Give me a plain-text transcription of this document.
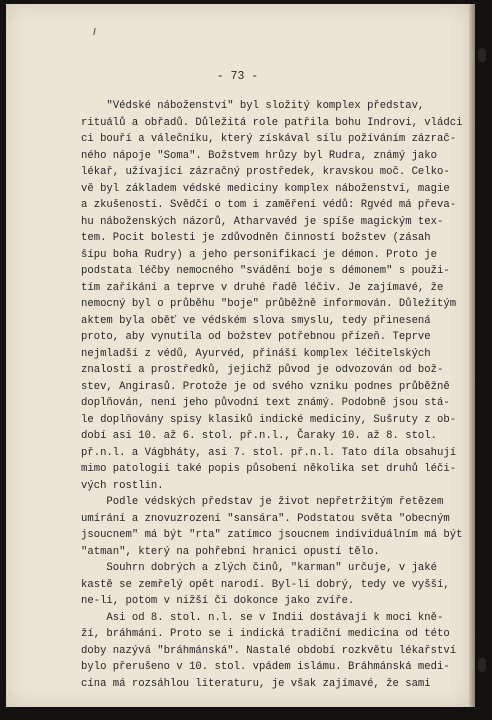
- 73 -
"Védské náboženství" byl složitý komplex představ,
rituálů a obřadů. Důležitá role patřila bohu Indrovi, vládci
ci bouří a válečníku, který získával sílu požíváním zázrač-
ného nápoje "Soma". Božstvem hrůzy byl Rudra, známý jako
lékař, užívající zázračný prostředek, kravskou moč. Celko-
vě byl základem védské mediciny komplex náboženství, magie
a zkušeností. Svědčí o tom i zaměření védů: Rgvéd má převa-
hu náboženských názorů, Atharvavéd je spíše magickým tex-
tem. Pocit bolesti je zdůvodněn činností božstev (zásah
šípu boha Rudry) a jeho personifikací je démon. Proto je
podstata léčby nemocného "svádění boje s démonem" s použi-
tím zaříkání a teprve v druhé řadě léčiv. Je zajímavé, že
nemocný byl o průběhu "boje" průběžně informován. Důležitým
aktem byla oběť ve védském slova smyslu, tedy přinesená
proto, aby vynutila od božstev potřebnou přízeň. Teprve
nejmladší z védů, Ayurvéd, přináší komplex léčitelských
znalostí a prostředků, jejichž původ je odvozován od bož-
stev, Angirasů. Protože je od svého vzniku podnes průběžně
doplňován, není jeho původní text známý. Podobně jsou stá-
le doplňovány spisy klasiků indické mediciny, Sušruty z ob-
dobí asi 10. až 6. stol. př.n.l., Čaraky 10. až 8. stol.
př.n.l. a Vágbháty, asi 7. stol. př.n.l. Tato díla obsahují
mimo patologii také popis působení několika set druhů léči-
vých rostlin.
Podle védských představ je život nepřetržitým řetězem
umírání a znovuzrození "sansára". Podstatou světa "obecným
jsoucnem" má být "rta" zatímco jsoucnem individuálním má být
"atman", který na pohřební hranici opustí tělo.
Souhrn dobrých a zlých činů, "karman" určuje, v jaké
kastě se zemřelý opět narodí. Byl-li dobrý, tedy ve vyšší,
ne-li, potom v nižší či dokonce jako zvíře.
Asi od 8. stol. n.l. se v Indii dostávají k moci kně-
ží, bráhmáni. Proto se i indická tradiční medicína od této
doby nazývá "bráhmánská". Nastalé období rozkvětu lékařství
bylo přerušeno v 10. stol. vpádem islámu. Bráhmánská medi-
cína má rozsáhlou literaturu, je však zajímavé, že sami
